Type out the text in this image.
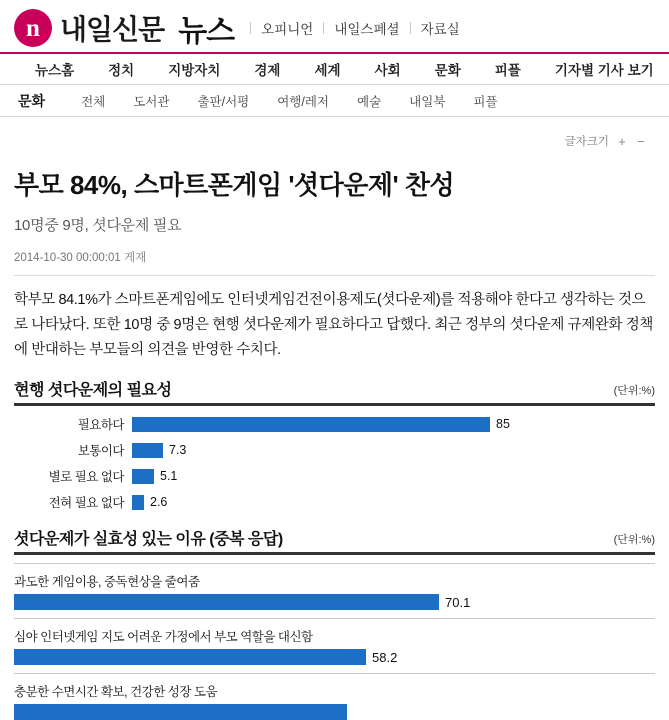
n 내일신문 뉴스	오피니언	내일스페셜	자료실
뉴스홈	정치	지방자치	경제	세계	사회	문화	피플	기자별 기사 보기
문화	전체	도서관	출판/서평	여행/레저	예술	내일북	피플
글자크기 + −
부모 84%, 스마트폰게임 '셧다운제' 찬성
10명중 9명, 셧다운제 필요
2014-10-30 00:00:01 게재

학부모 84.1%가 스마트폰게임에도 인터넷게임건전이용제도(셧다운제)를 적용해야 한다고 생각하는 것으로 나타났다. 또한 10명 중 9명은 현행 셧다운제가 필요하다고 답했다. 최근 정부의 셧다운제 규제완화 정책에 반대하는 부모들의 의견을 반영한 수치다.

현행 셧다운제의 필요성	(단위:%)
필요하다	85
보통이다	7.3
별로 필요 없다	5.1
전혀 필요 없다	2.6
셧다운제가 실효성 있는 이유 (중복 응답)	(단위:%)
과도한 게임이용, 중독현상을 줄여줌
70.1
심야 인터넷게임 지도 어려운 가정에서 부모 역할을 대신함
58.2
충분한 수면시간 확보, 건강한 성장 도움
